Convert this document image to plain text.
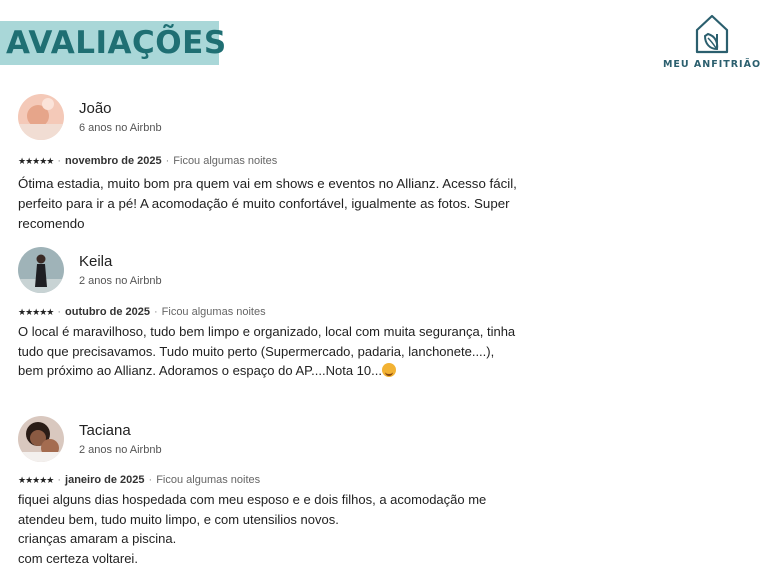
AVALIAÇÕES
MEU ANFITRIÃO
João
6 anos no Airbnb
★★★★★ · novembro de 2025 · Ficou algumas noites
Ótima estadia, muito bom pra quem vai em shows e eventos no Allianz. Acesso fácil, perfeito para ir a pé! A acomodação é muito confortável, igualmente as fotos. Super recomendo
Keila
2 anos no Airbnb
★★★★★ · outubro de 2025 · Ficou algumas noites
O local é maravilhoso, tudo bem limpo e organizado, local com muita segurança, tinha tudo que precisavamos. Tudo muito perto (Supermercado, padaria, lanchonete....), bem próximo ao Allianz. Adoramos o espaço do AP....Nota 10...
Taciana
2 anos no Airbnb
★★★★★ · janeiro de 2025 · Ficou algumas noites
fiquei alguns dias hospedada com meu esposo e e dois filhos, a acomodação me
atendeu bem, tudo muito limpo, e com utensilios novos.
crianças amaram a piscina.
com certeza voltarei.
